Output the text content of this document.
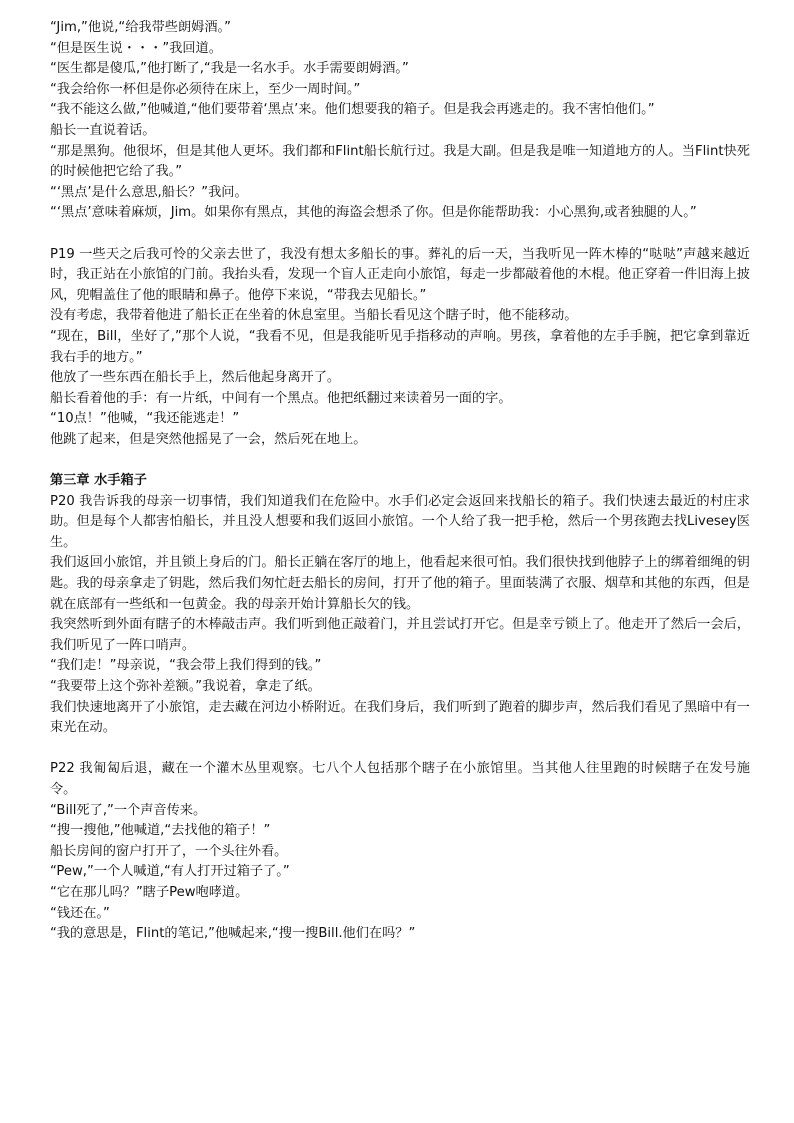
“Jim,”他说,“给我带些朗姆酒。”

“但是医生说・・・”我回道。

“医生都是傻瓜,”他打断了,“我是一名水手。水手需要朗姆酒。”

“我会给你一杯但是你必须待在床上，至少一周时间。”

“我不能这么做,”他喊道,“他们要带着‘黑点’来。他们想要我的箱子。但是我会再逃走的。我不害怕他们。”

船长一直说着话。

“那是黑狗。他很坏，但是其他人更坏。我们都和Flint船长航行过。我是大副。但是我是唯一知道地方的人。当Flint快死的时候他把它给了我。”

“‘黑点’是什么意思,船长？”我问。

“‘黑点’意味着麻烦，Jim。如果你有黑点，其他的海盗会想杀了你。但是你能帮助我：小心黑狗,或者独腿的人。”

P19 一些天之后我可怜的父亲去世了，我没有想太多船长的事。葬礼的后一天，当我听见一阵木棒的“哒哒”声越来越近时，我正站在小旅馆的门前。我抬头看，发现一个盲人正走向小旅馆，每走一步都敲着他的木棍。他正穿着一件旧海上披风，兜帽盖住了他的眼睛和鼻子。他停下来说，“带我去见船长。”

没有考虑，我带着他进了船长正在坐着的休息室里。当船长看见这个瞎子时，他不能移动。

“现在，Bill，坐好了,”那个人说，“我看不见，但是我能听见手指移动的声响。男孩，拿着他的左手手腕，把它拿到靠近我右手的地方。”

他放了一些东西在船长手上，然后他起身离开了。

船长看着他的手：有一片纸，中间有一个黑点。他把纸翻过来读着另一面的字。

“10点！”他喊，“我还能逃走！”

他跳了起来，但是突然他摇晃了一会，然后死在地上。

第三章 水手箱子

P20 我告诉我的母亲一切事情，我们知道我们在危险中。水手们必定会返回来找船长的箱子。我们快速去最近的村庄求助。但是每个人都害怕船长，并且没人想要和我们返回小旅馆。一个人给了我一把手枪，然后一个男孩跑去找Livesey医生。

我们返回小旅馆，并且锁上身后的门。船长正躺在客厅的地上，他看起来很可怕。我们很快找到他脖子上的绑着细绳的钥匙。我的母亲拿走了钥匙，然后我们匆忙赶去船长的房间，打开了他的箱子。里面装满了衣服、烟草和其他的东西，但是就在底部有一些纸和一包黄金。我的母亲开始计算船长欠的钱。

我突然听到外面有瞎子的木棒敲击声。我们听到他正敲着门，并且尝试打开它。但是幸亏锁上了。他走开了然后一会后，我们听见了一阵口哨声。

“我们走！”母亲说，“我会带上我们得到的钱。”

“我要带上这个弥补差额。”我说着，拿走了纸。

我们快速地离开了小旅馆，走去藏在河边小桥附近。在我们身后，我们听到了跑着的脚步声，然后我们看见了黑暗中有一束光在动。

P22 我匍匐后退，藏在一个灌木丛里观察。七八个人包括那个瞎子在小旅馆里。当其他人往里跑的时候瞎子在发号施令。

“Bill死了,”一个声音传来。

“搜一搜他,”他喊道,“去找他的箱子！”

船长房间的窗户打开了，一个头往外看。

“Pew,”一个人喊道,“有人打开过箱子了。”

“它在那儿吗？”瞎子Pew咆哮道。

“钱还在。”

“我的意思是，Flint的笔记,”他喊起来,“搜一搜Bill.他们在吗？”
